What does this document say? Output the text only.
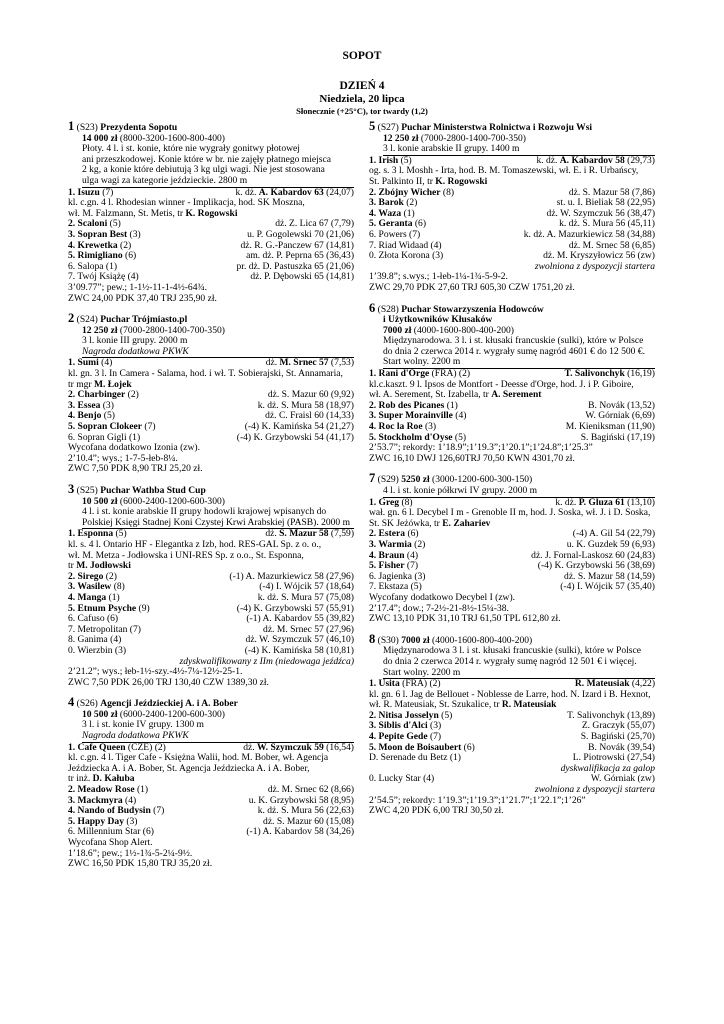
SOPOT
DZIEŃ 4
Niedziela, 20 lipca
Słonecznie (+25°C), tor twardy (1,2)
1 (S23) Prezydenta Sopotu
14 000 zł (8000-3200-1600-800-400)
Płoty. 4 l. i st. konie, które nie wygrały gonitwy płotowej
ani przeszkodowej. Konie które w br. nie zajęły płatnego miejsca
2 kg, a konie które debiutują 3 kg ulgi wagi. Nie jest stosowana
ulga wagi za kategorie jeździeckie. 2800 m
1. Isuzu (7)	k. dż. A. Kabardov 63 (24,07)
kl. c.gn. 4 l. Rhodesian winner - Implikacja, hod. SK Moszna,
wł. M. Falzmann, St. Metis, tr K. Rogowski
2. Scaloni (5)	dż. Z. Lica 67 (7,79)
3. Sopran Best (3)	u. P. Gogolewski 70 (21,06)
4. Krewetka (2)	dż. R. G.-Panczew 67 (14,81)
5. Rimigliano (6)	am. dż. P. Peprna 65 (36,43)
6. Salopa (1)	pr. dż. D. Pastuszka 65 (21,06)
7. Twój Książę (4)	dż. P. Dębowski 65 (14,81)
3’09.77”; pew.; 1-1½-11-1-4½-64¾.
ZWC 24,00 PDK 37,40 TRJ 235,90 zł.
2 (S24) Puchar Trójmiasto.pl
12 250 zł (7000-2800-1400-700-350)
3 l. konie III grupy. 2000 m
Nagroda dodatkowa PKWK
1. Sumi (4)	dż. M. Srnec 57 (7,53)
kl. gn. 3 l. In Camera - Salama, hod. i wł. T. Sobierajski, St. Annamaria,
tr mgr M. Łojek
2. Charbinger (2)	dż. S. Mazur 60 (9,92)
3. Essea (3)	k. dż. S. Mura 58 (18,97)
4. Benjo (5)	dż. C. Fraisl 60 (14,33)
5. Sopran Clokeer (7)	(-4) K. Kamińska 54 (21,27)
6. Sopran Gigli (1)	(-4) K. Grzybowski 54 (41,17)
Wycofana dodatkowo Izonia (zw).
2’10.4”; wys.; 1-7-5-łeb-8¼.
ZWC 7,50 PDK 8,90 TRJ 25,20 zł.
3 (S25) Puchar Wathba Stud Cup
10 500 zł (6000-2400-1200-600-300)
4 l. i st. konie arabskie II grupy hodowli krajowej wpisanych do
Polskiej Księgi Stadnej Koni Czystej Krwi Arabskiej (PASB). 2000 m
1. Esponna (5)	dż. S. Mazur 58 (7,59)
kl. s. 4 l. Ontario HF - Elegantka z Izb, hod. RES-GAL Sp. z o. o.,
wł. M. Metza - Jodłowska i UNI-RES Sp. z o.o., St. Esponna,
tr M. Jodłowski
2. Sirego (2)	(-1) A. Mazurkiewicz 58 (27,96)
3. Wasilew (8)	(-4) I. Wójcik 57 (18,64)
4. Manga (1)	k. dż. S. Mura 57 (75,08)
5. Etnum Psyche (9)	(-4) K. Grzybowski 57 (55,91)
6. Cafuso (6)	(-1) A. Kabardov 55 (39,82)
7. Metropolitan (7)	dż. M. Srnec 57 (27,96)
8. Ganima (4)	dż. W. Szymczuk 57 (46,10)
0. Wierzbin (3)	(-4) K. Kamińska 58 (10,81)
zdyskwalifikowany z IIm (niedowaga jeźdźca)
2’21.2”; wys.; łeb-1½-szy.-4½-7¼-12½-25-1.
ZWC 7,50 PDK 26,00 TRJ 130,40 CZW 1389,30 zł.
4 (S26) Agencji Jeździeckiej A. i A. Bober
10 500 zł (6000-2400-1200-600-300)
3 l. i st. konie IV grupy. 1300 m
Nagroda dodatkowa PKWK
1. Cafe Queen (CZE) (2)	dż. W. Szymczuk 59 (16,54)
kl. c.gn. 4 l. Tiger Cafe - Księżna Walii, hod. M. Bober, wł. Agencja
Jeździecka A. i A. Bober, St. Agencja Jeździecka A. i A. Bober,
tr inż. D. Kałuba
2. Meadow Rose (1)	dż. M. Srnec 62 (8,66)
3. Mackmyra (4)	u. K. Grzybowski 58 (8,95)
4. Nando of Budysin (7)	k. dż. S. Mura 56 (22,63)
5. Happy Day (3)	dż. S. Mazur 60 (15,08)
6. Millennium Star (6)	(-1) A. Kabardov 58 (34,26)
Wycofana Shop Alert.
1’18.6”; pew.; 1½-1¾-5-2¼-9½.
ZWC 16,50 PDK 15,80 TRJ 35,20 zł.
5 (S27) Puchar Ministerstwa Rolnictwa i Rozwoju Wsi
12 250 zł (7000-2800-1400-700-350)
3 l. konie arabskie II grupy. 1400 m
1. Irish (5)	k. dż. A. Kabardov 58 (29,73)
og. s. 3 l. Moshh - Irta, hod. B. M. Tomaszewski, wł. E. i R. Urbańscy,
St. Palkinto II, tr K. Rogowski
2. Zbójny Wicher (8)	dż. S. Mazur 58 (7,86)
3. Barok (2)	st. u. I. Bieliak 58 (22,95)
4. Waza (1)	dż. W. Szymczuk 56 (38,47)
5. Geranta (6)	k. dż. S. Mura 56 (45,11)
6. Powers (7)	k. dż. A. Mazurkiewicz 58 (34,88)
7. Riad Widaad (4)	dż. M. Srnec 58 (6,85)
0. Złota Korona (3)	dż. M. Kryszyłowicz 56 (zw)
zwolniona z dyspozycji startera
1’39.8”; s.wys.; 1-łeb-1¼-1¾-5-9-2.
ZWC 29,70 PDK 27,60 TRJ 605,30 CZW 1751,20 zł.
6 (S28) Puchar Stowarzyszenia Hodowców
i Użytkowników Kłusaków
7000 zł (4000-1600-800-400-200)
Międzynarodowa. 3 l. i st. kłusaki francuskie (sulki), które w Polsce
do dnia 2 czerwca 2014 r. wygrały sumę nagród 4601 € do 12 500 €.
Start wolny. 2200 m
1. Rani d'Orge (FRA) (2)	T. Salivonchyk (16,19)
kl.c.kaszt. 9 l. Ipsos de Montfort - Deesse d'Orge, hod. J. i P. Giboire,
wł. A. Serement, St. Izabella, tr A. Serement
2. Rob des Picanes (1)	B. Novák (13,52)
3. Super Morainville (4)	W. Górniak (6,69)
4. Roc la Roe (3)	M. Kieniksman (11,90)
5. Stockholm d'Oyse (5)	S. Bagiński (17,19)
2’53.7”; rekordy: 1’18.9”;1’19.3”;1’20.1”;1’24.8”;1’25.3”
ZWC 16,10 DWJ 126,60TRJ 70,50 KWN 4301,70 zł.
7 (S29) 5250 zł (3000-1200-600-300-150)
4 l. i st. konie półkrwi IV grupy. 2000 m
1. Greg (8)	k. dż. P. Gluza 61 (13,10)
wał. gn. 6 l. Decybel I m - Grenoble II m, hod. J. Soska, wł. J. i D. Soska,
St. SK Jeżówka, tr E. Zahariev
2. Estera (6)	(-4) A. Gil 54 (22,79)
3. Warmia (2)	u. K. Guzdek 59 (6,93)
4. Braun (4)	dż. J. Fornal-Laskosz 60 (24,83)
5. Fisher (7)	(-4) K. Grzybowski 56 (38,69)
6. Jagienka (3)	dż. S. Mazur 58 (14,59)
7. Ekstaza (5)	(-4) I. Wójcik 57 (35,40)
Wycofany dodatkowo Decybel I (zw).
2’17.4”; dow.; 7-2½-21-8½-15¼-38.
ZWC 13,10 PDK 31,10 TRJ 61,50 TPL 612,80 zł.
8 (S30) 7000 zł (4000-1600-800-400-200)
Międzynarodowa 3 l. i st. kłusaki francuskie (sulki), które w Polsce
do dnia 2 czerwca 2014 r. wygrały sumę nagród 12 501 € i więcej.
Start wolny. 2200 m
1. Usita (FRA) (2)	R. Mateusiak (4,22)
kl. gn. 6 l. Jag de Bellouet - Noblesse de Larre, hod. N. Izard i B. Hexnot,
wł. R. Mateusiak, St. Szukalice, tr R. Mateusiak
2. Nitisa Josselyn (5)	T. Salivonchyk (13,89)
3. Siblis d'Alci (3)	Z. Graczyk (55,07)
4. Pepite Gede (7)	S. Bagiński (25,70)
5. Moon de Boisaubert (6)	B. Novák (39,54)
D. Serenade du Betz (1)	L. Piotrowski (27,54)
dyskwalifikacja za galop
0. Lucky Star (4)	W. Górniak (zw)
zwolniona z dyspozycji startera
2’54.5”; rekordy: 1’19.3”;1’19.3”;1’21.7”;1’22.1”;1’26”
ZWC 4,20 PDK 6,00 TRJ 30,50 zł.
